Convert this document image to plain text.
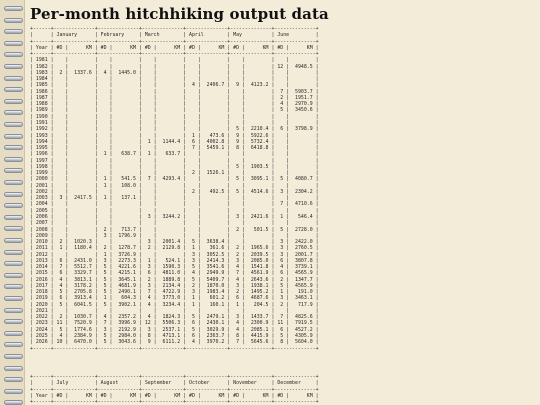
Per-month hitchhiking output data
+------+--------------+--------------+--------------+--------------+--------------+--------------+
|      | January      | February     | March        | April        | May          | June         |
+------+--------------+--------------+--------------+--------------+--------------+--------------+
| Year | #D |      KM | #D |      KM | #D |      KM | #D |      KM | #D |      KM | #D |      KM |
+------+--------------+--------------+--------------+--------------+--------------+--------------+
| 1981 |    |         |    |         |    |         |    |         |    |         |    |         |
| 1982 |    |         |    |         |    |         |    |         |    |         | 12 |  4948.5 |
| 1983 |  2 |  1337.6 |  4 |  1445.0 |    |         |    |         |    |         |    |         |
| 1984 |    |         |    |         |    |         |    |         |    |         |    |         |
| 1985 |    |         |    |         |    |         |  4 |  2406.7 |  9 |  4123.2 |    |         |
| 1986 |    |         |    |         |    |         |    |         |    |         |  7 |  5903.7 |
| 1987 |    |         |    |         |    |         |    |         |    |         |  2 |  1951.7 |
| 1988 |    |         |    |         |    |         |    |         |    |         |  4 |  2970.9 |
| 1989 |    |         |    |         |    |         |    |         |    |         |  5 |  3450.6 |
| 1990 |    |         |    |         |    |         |    |         |    |         |    |         |
| 1991 |    |         |    |         |    |         |    |         |    |         |    |         |
| 1992 |    |         |    |         |    |         |    |         |  5 |  2210.4 |  6 |  3798.9 |
| 1993 |    |         |    |         |    |         |  1 |   473.6 |  9 |  5922.6 |    |         |
| 1994 |    |         |    |         |  1 |  1144.4 |  6 |  4002.8 |  9 |  5732.4 |    |         |
| 1995 |    |         |    |         |    |         |  7 |  5459.1 |  8 |  6418.8 |    |         |
| 1996 |    |         |  1 |   638.7 |  1 |   633.7 |    |         |    |         |    |         |
| 1997 |    |         |    |         |    |         |    |         |    |         |    |         |
| 1998 |    |         |    |         |    |         |    |         |  5 |  1903.5 |    |         |
| 1999 |    |         |    |         |    |         |  2 |  1526.1 |    |         |    |         |
| 2000 |    |         |  1 |   541.5 |  7 |  4293.4 |    |         |  5 |  3095.1 |  5 |  4080.7 |
| 2001 |    |         |  1 |   108.0 |    |         |    |         |    |         |    |         |
| 2002 |    |         |    |         |    |         |  2 |   492.5 |  5 |  4514.6 |  3 |  2304.2 |
| 2003 |  3 |  2417.5 |  1 |   137.1 |    |         |    |         |    |         |    |         |
| 2004 |    |         |    |         |    |         |    |         |    |         |  7 |  4710.6 |
| 2005 |    |         |    |         |    |         |    |         |    |         |    |         |
| 2006 |    |         |    |         |  3 |  3244.2 |    |         |  3 |  2421.6 |  1 |   546.4 |
| 2007 |    |         |    |         |    |         |    |         |    |         |    |         |
| 2008 |    |         |  2 |   713.7 |    |         |    |         |  2 |   501.5 |  5 |  2728.0 |
| 2009 |    |         |  3 |  1796.9 |    |         |    |         |    |         |    |         |
| 2010 |  2 |  1020.3 |    |         |  3 |  2001.4 |  5 |  3638.4 |    |         |  3 |  2422.0 |
| 2011 |  1 |  1180.4 |  2 |  1278.7 |  2 |  2129.8 |  1 |   361.6 |  2 |  1965.6 |  3 |  2760.5 |
| 2012 |    |         |  1 |  3726.9 |    |         |  3 |  3052.5 |  2 |  2039.5 |  3 |  2001.7 |
| 2013 |  6 |  2431.0 |  3 |  2273.3 |  1 |   524.1 |  3 |  2414.3 |  3 |  2085.0 |  6 |  3807.8 |
| 2014 |  7 |  5512.7 |  5 |  4221.6 |  3 |  1590.3 |  5 |  3541.6 |  4 |  1541.8 |  4 |  3739.1 |
| 2015 |  6 |  3329.7 |  5 |  4215.1 |  6 |  4811.0 |  4 |  2949.9 |  7 |  4561.9 |  6 |  4565.9 |
| 2016 |  4 |  3813.1 |  5 |  3645.1 |  2 |  1889.8 |  5 |  5409.7 |  4 |  2643.6 |  2 |  1347.7 |
| 2017 |  4 |  3178.2 |  5 |  4681.9 |  3 |  2134.4 |  2 |  1870.0 |  3 |  1938.1 |  5 |  4565.9 |
| 2018 |  5 |  2705.8 |  5 |  2490.1 |  7 |  4722.9 |  3 |  1983.4 |  2 |  1495.2 |  1 |   191.0 |
| 2019 |  6 |  3913.4 |  1 |   604.3 |  4 |  3773.0 |  1 |   601.2 |  6 |  4687.6 |  3 |  3463.1 |
| 2020 |  5 |  6041.5 |  5 |  3902.1 |  4 |  3234.4 |  1 |   160.1 |  1 |   204.5 |  2 |   717.9 |
| 2021 |    |         |    |         |    |         |    |         |    |         |    |         |
| 2022 |  2 |  1030.7 |  4 |  2357.2 |  4 |  1824.3 |  5 |  2479.1 |  3 |  1433.7 |  7 |  4825.6 |
| 2023 | 11 |  7520.9 |  7 |  3996.9 | 12 |  5506.3 |  6 |  2430.1 |  4 |  2300.9 | 11 |  7919.5 |
| 2024 |  5 |  1774.6 |  3 |  2192.9 |  3 |  2537.1 |  5 |  3029.9 |  4 |  2085.1 |  6 |  4527.2 |
| 2025 |  4 |  2384.9 |  5 |  2984.0 |  8 |  4713.1 |  6 |  2363.7 |  8 |  4415.9 |  5 |  4305.9 |
| 2026 | 10 |  6470.0 |  5 |  3043.6 |  9 |  6111.2 |  4 |  3970.2 |  7 |  5645.6 |  8 |  5604.0 |
+------+--------------+--------------+--------------+--------------+--------------+--------------+
+------+--------------+--------------+--------------+--------------+--------------+--------------+
|      | July         | August       | September    | October      | November     | December     |
+------+--------------+--------------+--------------+--------------+--------------+--------------+
| Year | #D |      KM | #D |      KM | #D |      KM | #D |      KM | #D |      KM | #D |      KM |
+------+--------------+--------------+--------------+--------------+--------------+--------------+
